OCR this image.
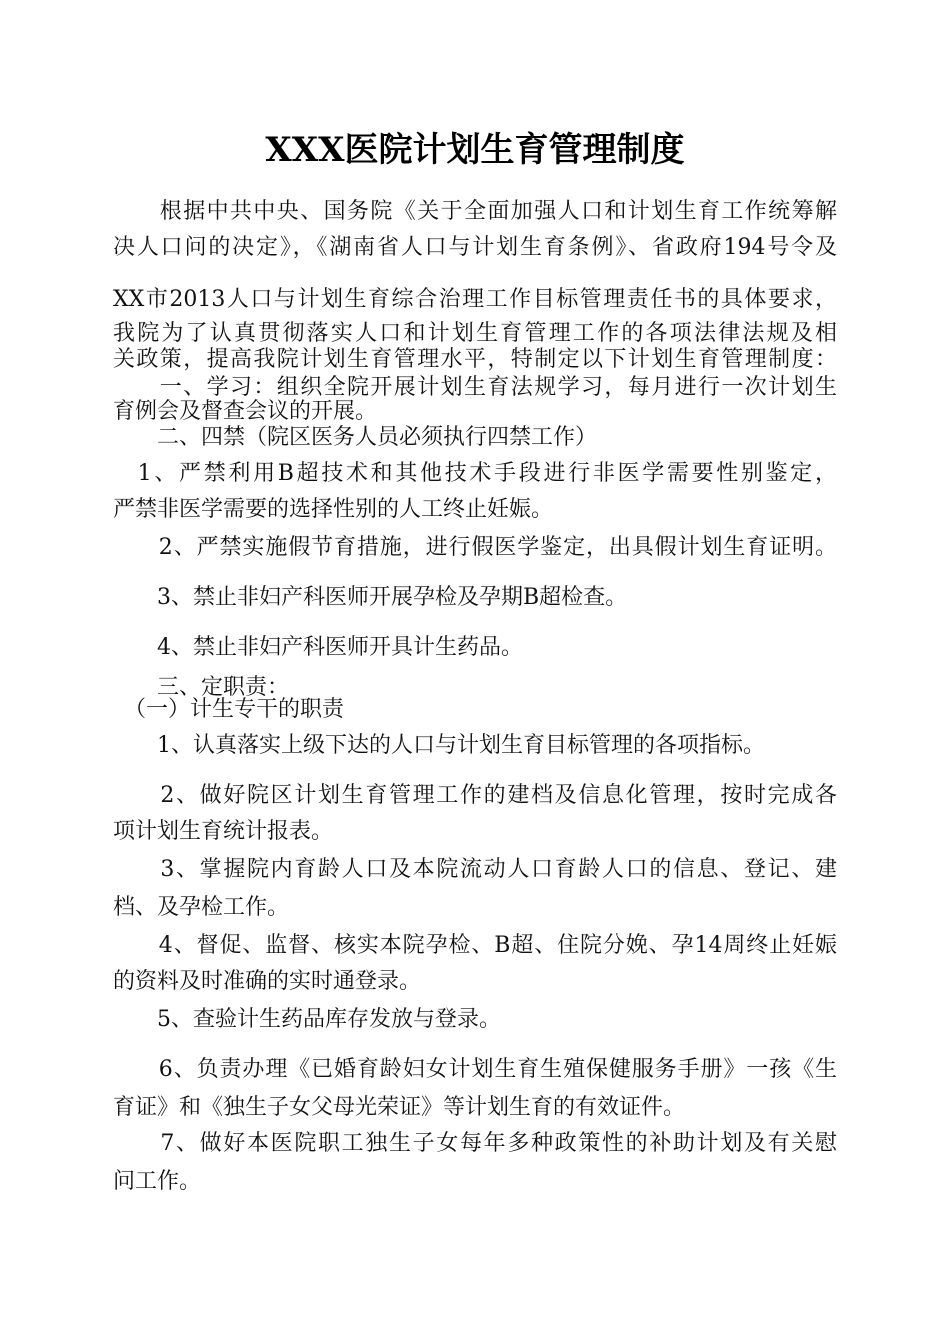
XXX医院计划生育管理制度
　　根据中共中央、国务院《关于全面加强人口和计划生育工作统筹解
决人口问的决定》，《湖南省人口与计划生育条例》、省政府194号令及
XX市2013人口与计划生育综合治理工作目标管理责任书的具体要求，
我院为了认真贯彻落实人口和计划生育管理工作的各项法律法规及相
关政策，提高我院计划生育管理水平，特制定以下计划生育管理制度：
　　一、学习：组织全院开展计划生育法规学习，每月进行一次计划生
育例会及督查会议的开展。
　　二、四禁（院区医务人员必须执行四禁工作）
　1、严禁利用B超技术和其他技术手段进行非医学需要性别鉴定，
严禁非医学需要的选择性别的人工终止妊娠。
　　2、严禁实施假节育措施，进行假医学鉴定，出具假计划生育证明。
　　3、禁止非妇产科医师开展孕检及孕期B超检查。
　　4、禁止非妇产科医师开具计生药品。
　　三、定职责：
　（一）计生专干的职责
　　1、认真落实上级下达的人口与计划生育目标管理的各项指标。
　　2、做好院区计划生育管理工作的建档及信息化管理，按时完成各
项计划生育统计报表。
　　3、掌握院内育龄人口及本院流动人口育龄人口的信息、登记、建
档、及孕检工作。
　　4、督促、监督、核实本院孕检、B超、住院分娩、孕14周终止妊娠
的资料及时准确的实时通登录。
　　5、查验计生药品库存发放与登录。
　　6、负责办理《已婚育龄妇女计划生育生殖保健服务手册》一孩《生
育证》和《独生子女父母光荣证》等计划生育的有效证件。
　　7、做好本医院职工独生子女每年多种政策性的补助计划及有关慰
问工作。
